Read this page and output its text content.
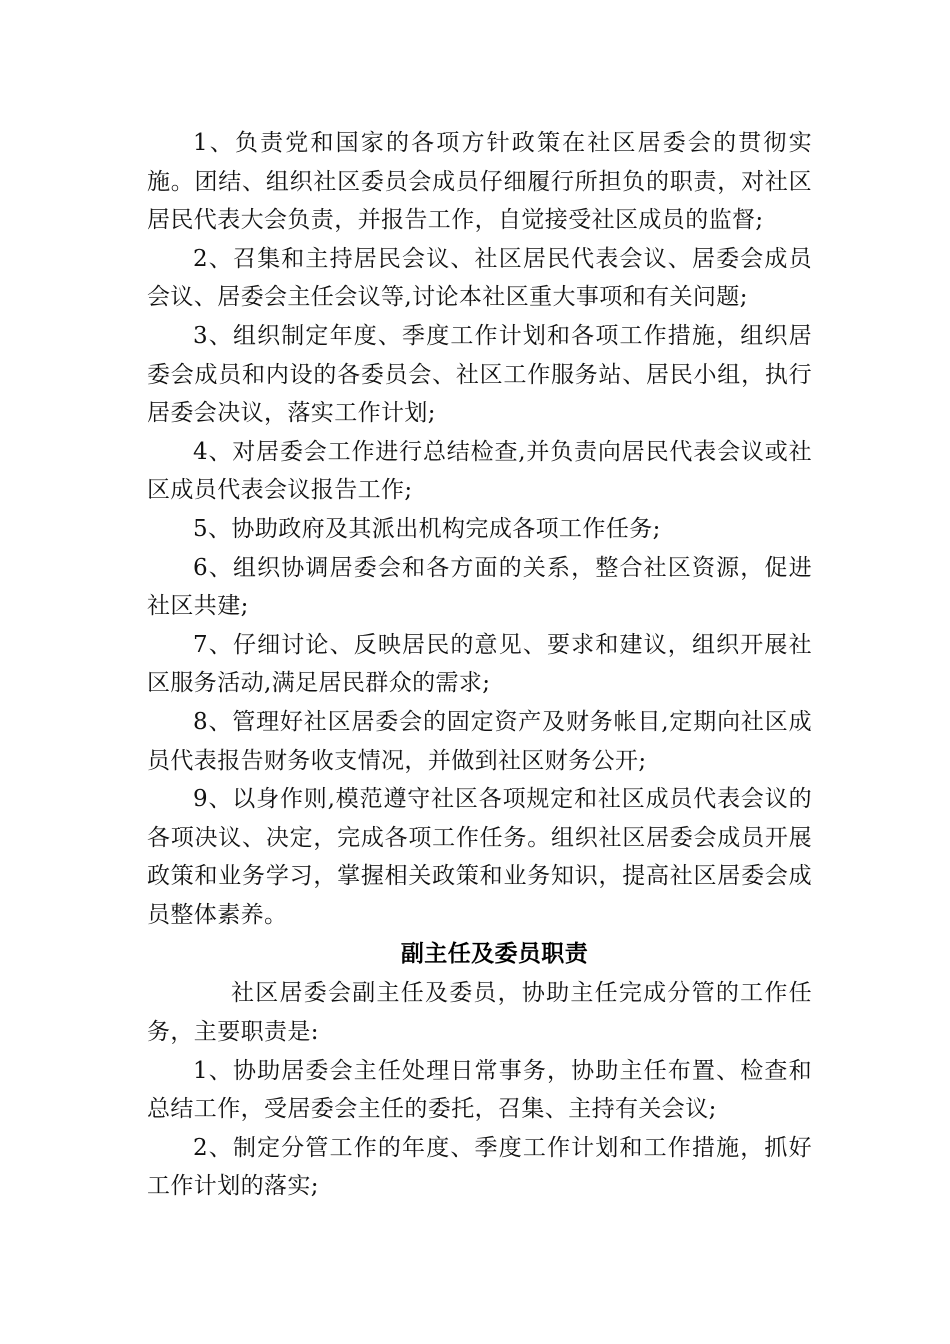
1、负责党和国家的各项方针政策在社区居委会的贯彻实施。团结、组织社区委员会成员仔细履行所担负的职责，对社区居民代表大会负责，并报告工作，自觉接受社区成员的监督;

2、召集和主持居民会议、社区居民代表会议、居委会成员会议、居委会主任会议等,讨论本社区重大事项和有关问题;

3、组织制定年度、季度工作计划和各项工作措施，组织居委会成员和内设的各委员会、社区工作服务站、居民小组，执行居委会决议，落实工作计划;

4、对居委会工作进行总结检查,并负责向居民代表会议或社区成员代表会议报告工作;

5、协助政府及其派出机构完成各项工作任务;

6、组织协调居委会和各方面的关系，整合社区资源，促进社区共建;

7、仔细讨论、反映居民的意见、要求和建议，组织开展社区服务活动,满足居民群众的需求;

8、管理好社区居委会的固定资产及财务帐目,定期向社区成员代表报告财务收支情况，并做到社区财务公开;

9、以身作则,模范遵守社区各项规定和社区成员代表会议的各项决议、决定，完成各项工作任务。组织社区居委会成员开展政策和业务学习，掌握相关政策和业务知识，提高社区居委会成员整体素养。

副主任及委员职责

社区居委会副主任及委员，协助主任完成分管的工作任务，主要职责是:

1、协助居委会主任处理日常事务，协助主任布置、检查和总结工作，受居委会主任的委托，召集、主持有关会议;

2、制定分管工作的年度、季度工作计划和工作措施，抓好工作计划的落实;
